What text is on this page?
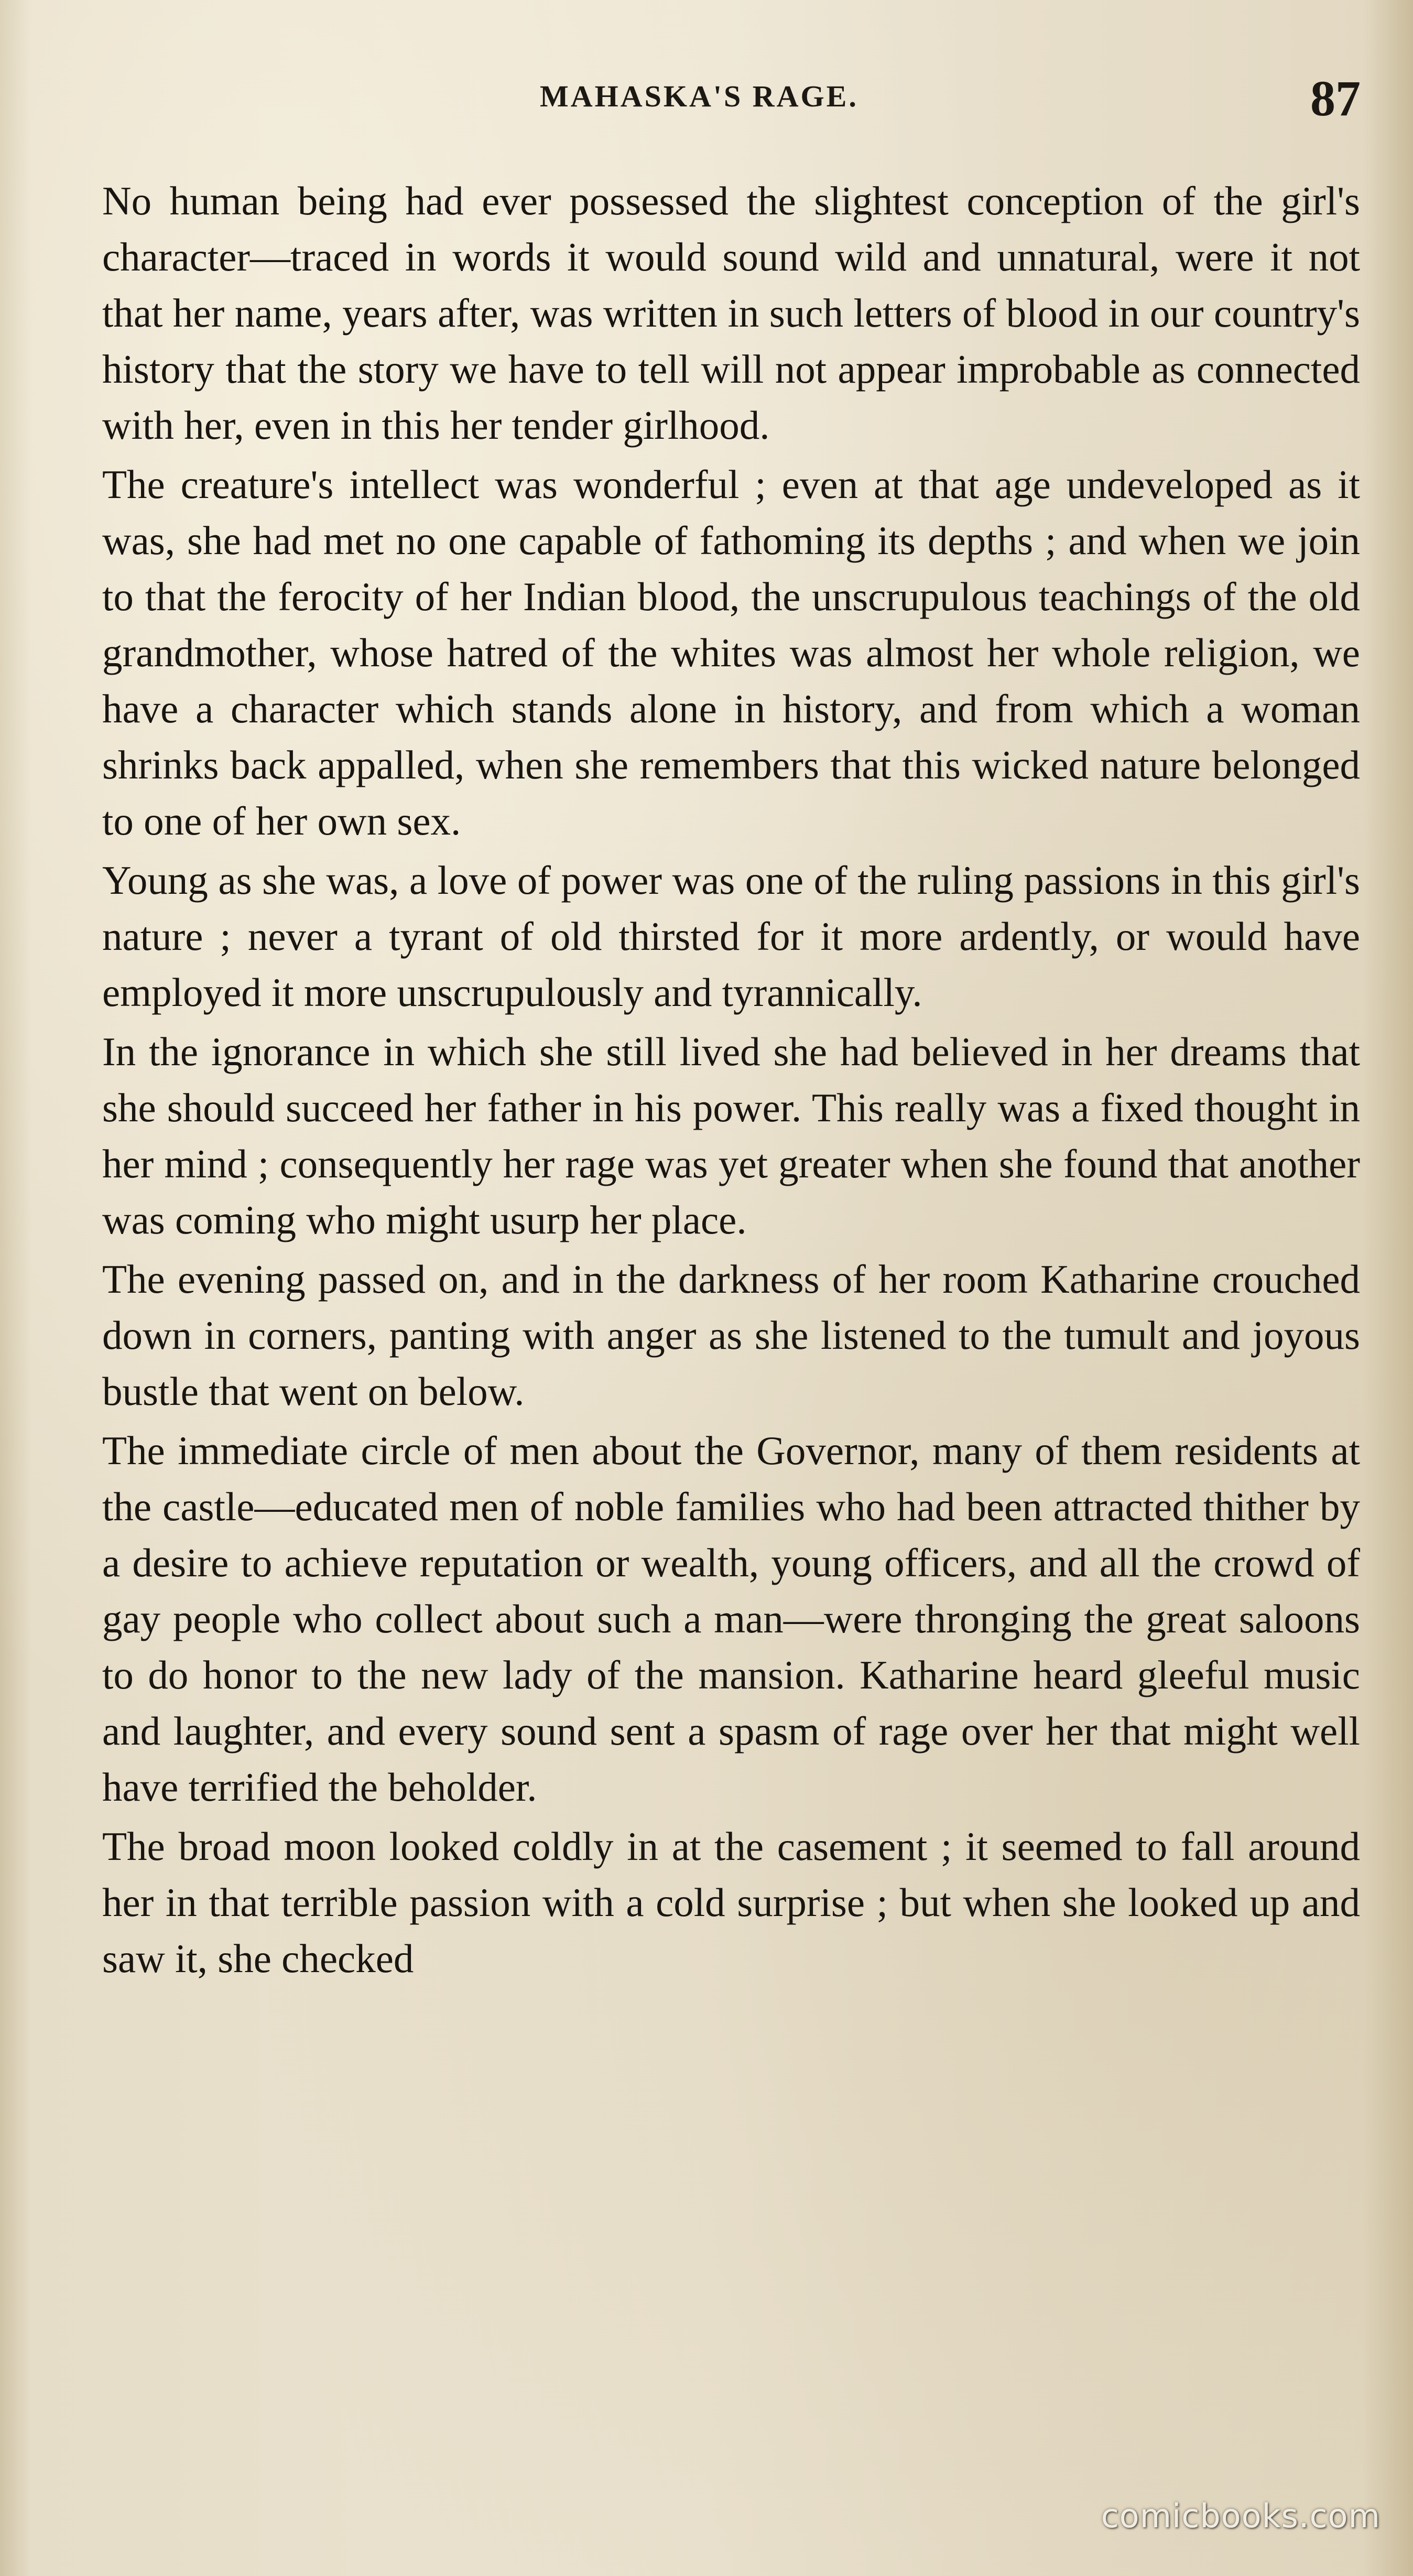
MAHASKA'S RAGE.	87

No human being had ever possessed the slightest conception of the girl's character—traced in words it would sound wild and unnatural, were it not that her name, years after, was written in such letters of blood in our country's history that the story we have to tell will not appear improbable as connected with her, even in this her tender girlhood.

The creature's intellect was wonderful ; even at that age undeveloped as it was, she had met no one capable of fathoming its depths ; and when we join to that the ferocity of her Indian blood, the unscrupulous teachings of the old grandmother, whose hatred of the whites was almost her whole religion, we have a character which stands alone in history, and from which a woman shrinks back appalled, when she remembers that this wicked nature belonged to one of her own sex.

Young as she was, a love of power was one of the ruling passions in this girl's nature ; never a tyrant of old thirsted for it more ardently, or would have employed it more unscrupulously and tyrannically.

In the ignorance in which she still lived she had believed in her dreams that she should succeed her father in his power. This really was a fixed thought in her mind ; consequently her rage was yet greater when she found that another was coming who might usurp her place.

The evening passed on, and in the darkness of her room Katharine crouched down in corners, panting with anger as she listened to the tumult and joyous bustle that went on below.

The immediate circle of men about the Governor, many of them residents at the castle—educated men of noble families who had been attracted thither by a desire to achieve reputation or wealth, young officers, and all the crowd of gay people who collect about such a man—were thronging the great saloons to do honor to the new lady of the mansion. Katharine heard gleeful music and laughter, and every sound sent a spasm of rage over her that might well have terrified the beholder.

The broad moon looked coldly in at the casement ; it seemed to fall around her in that terrible passion with a cold surprise ; but when she looked up and saw it, she checked

comicbooks.com
